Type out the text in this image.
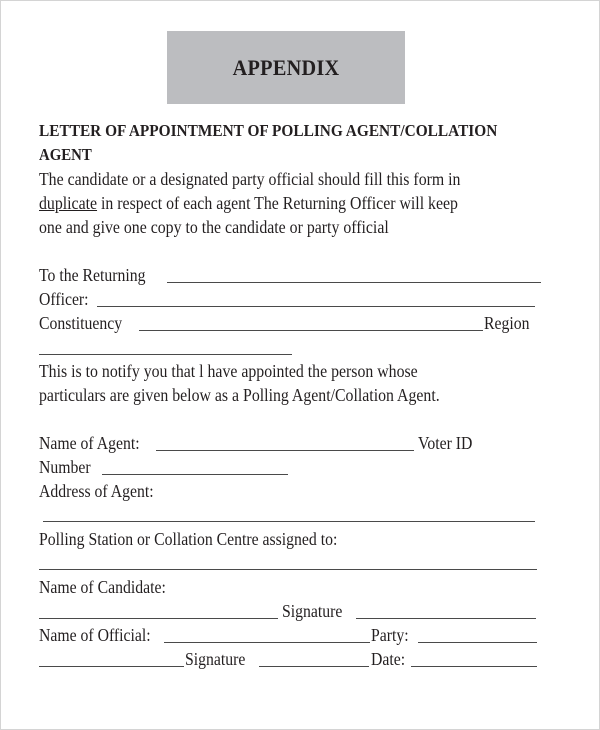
APPENDIX
LETTER OF APPOINTMENT OF POLLING AGENT/COLLATION
AGENT
The candidate or a designated party official should fill this form in
duplicate in respect of each agent The Returning Officer will keep
one and give one copy to the candidate or party official
To the Returning
Officer:
Constituency	Region
This is to notify you that l have appointed the person whose
particulars are given below as a Polling Agent/Collation Agent.
Name of Agent:	Voter ID
Number
Address of Agent:
Polling Station or Collation Centre assigned to:
Name of Candidate:
Signature
Name of Official:	Party:
Signature	Date:
